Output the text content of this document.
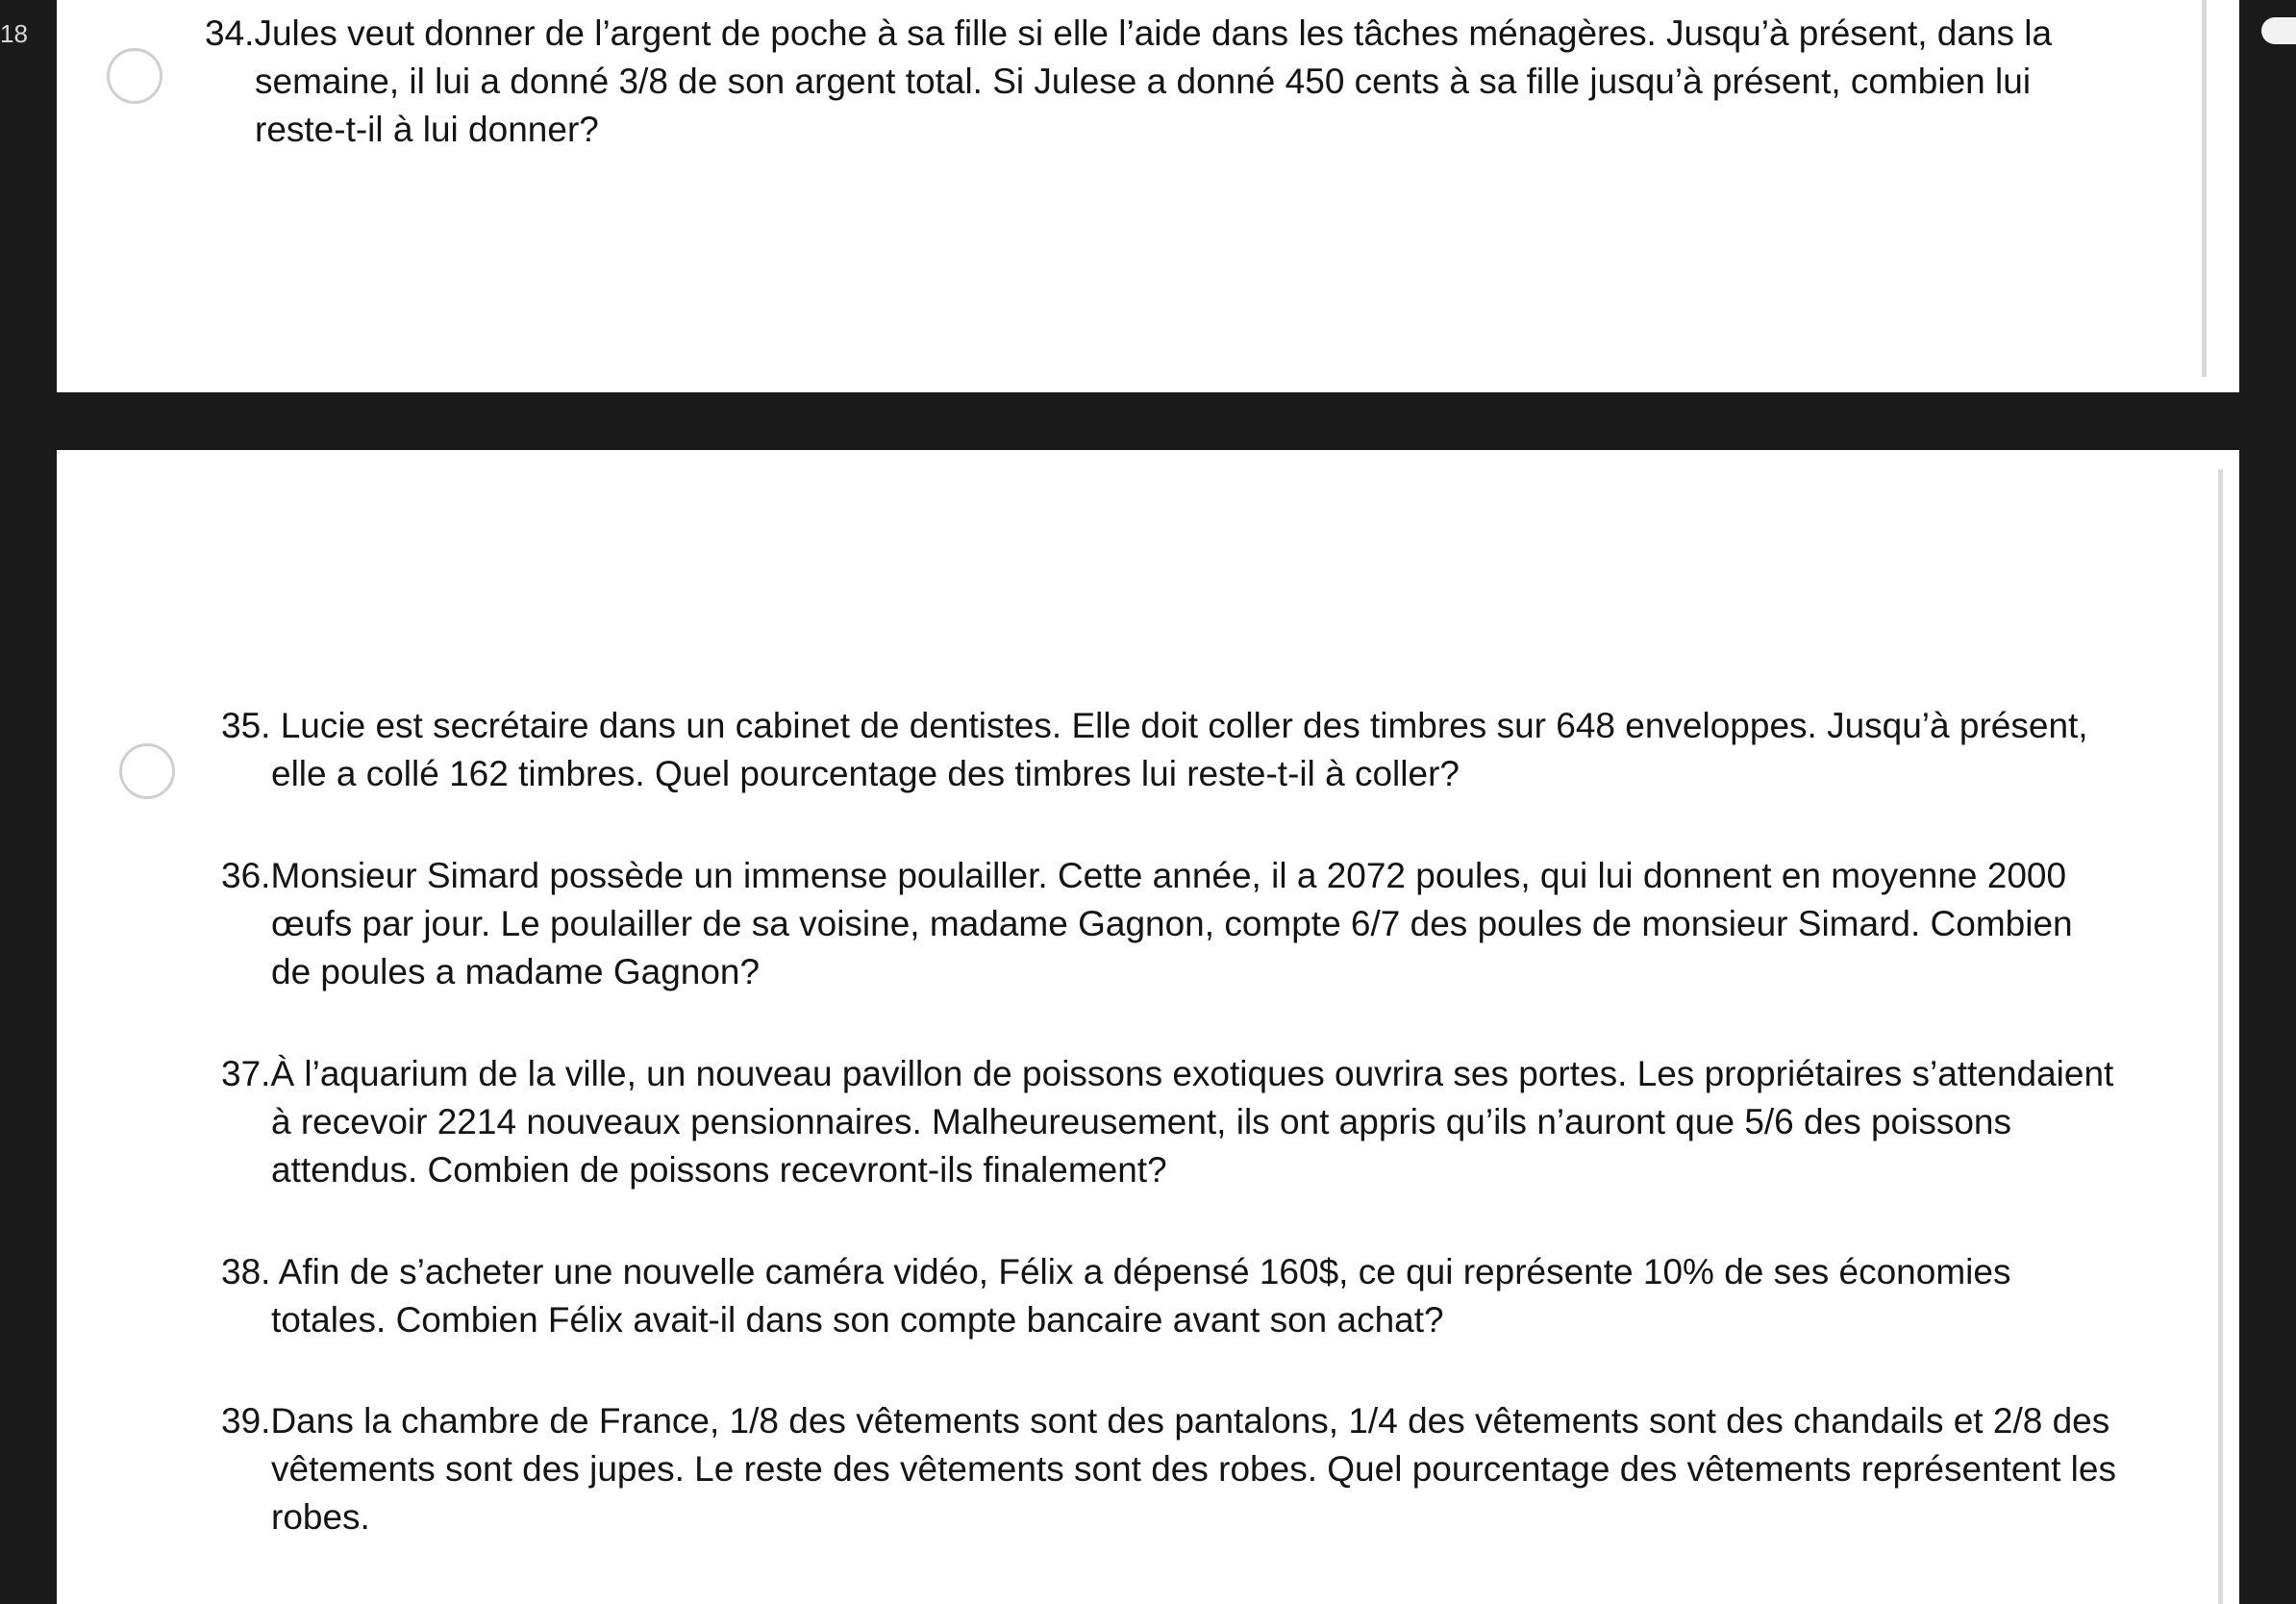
18	34.Jules veut donner de l’argent de poche à sa fille si elle l’aide dans les tâches ménagères. Jusqu’à présent, dans la semaine, il lui a donné 3/8 de son argent total. Si Julese a donné 450 cents à sa fille jusqu’à présent, combien lui reste-t-il à lui donner?

35. Lucie est secrétaire dans un cabinet de dentistes. Elle doit coller des timbres sur 648 enveloppes. Jusqu’à présent, elle a collé 162 timbres. Quel pourcentage des timbres lui reste-t-il à coller?

36.Monsieur Simard possède un immense poulailler. Cette année, il a 2072 poules, qui lui donnent en moyenne 2000 œufs par jour. Le poulailler de sa voisine, madame Gagnon, compte 6/7 des poules de monsieur Simard. Combien de poules a madame Gagnon?

37.À l’aquarium de la ville, un nouveau pavillon de poissons exotiques ouvrira ses portes. Les propriétaires s’attendaient à recevoir 2214 nouveaux pensionnaires. Malheureusement, ils ont appris qu’ils n’auront que 5/6 des poissons attendus. Combien de poissons recevront-ils finalement?

38. Afin de s’acheter une nouvelle caméra vidéo, Félix a dépensé 160$, ce qui représente 10% de ses économies totales. Combien Félix avait-il dans son compte bancaire avant son achat?

39.Dans la chambre de France, 1/8 des vêtements sont des pantalons, 1/4 des vêtements sont des chandails et 2/8 des vêtements sont des jupes. Le reste des vêtements sont des robes. Quel pourcentage des vêtements représentent les robes.
